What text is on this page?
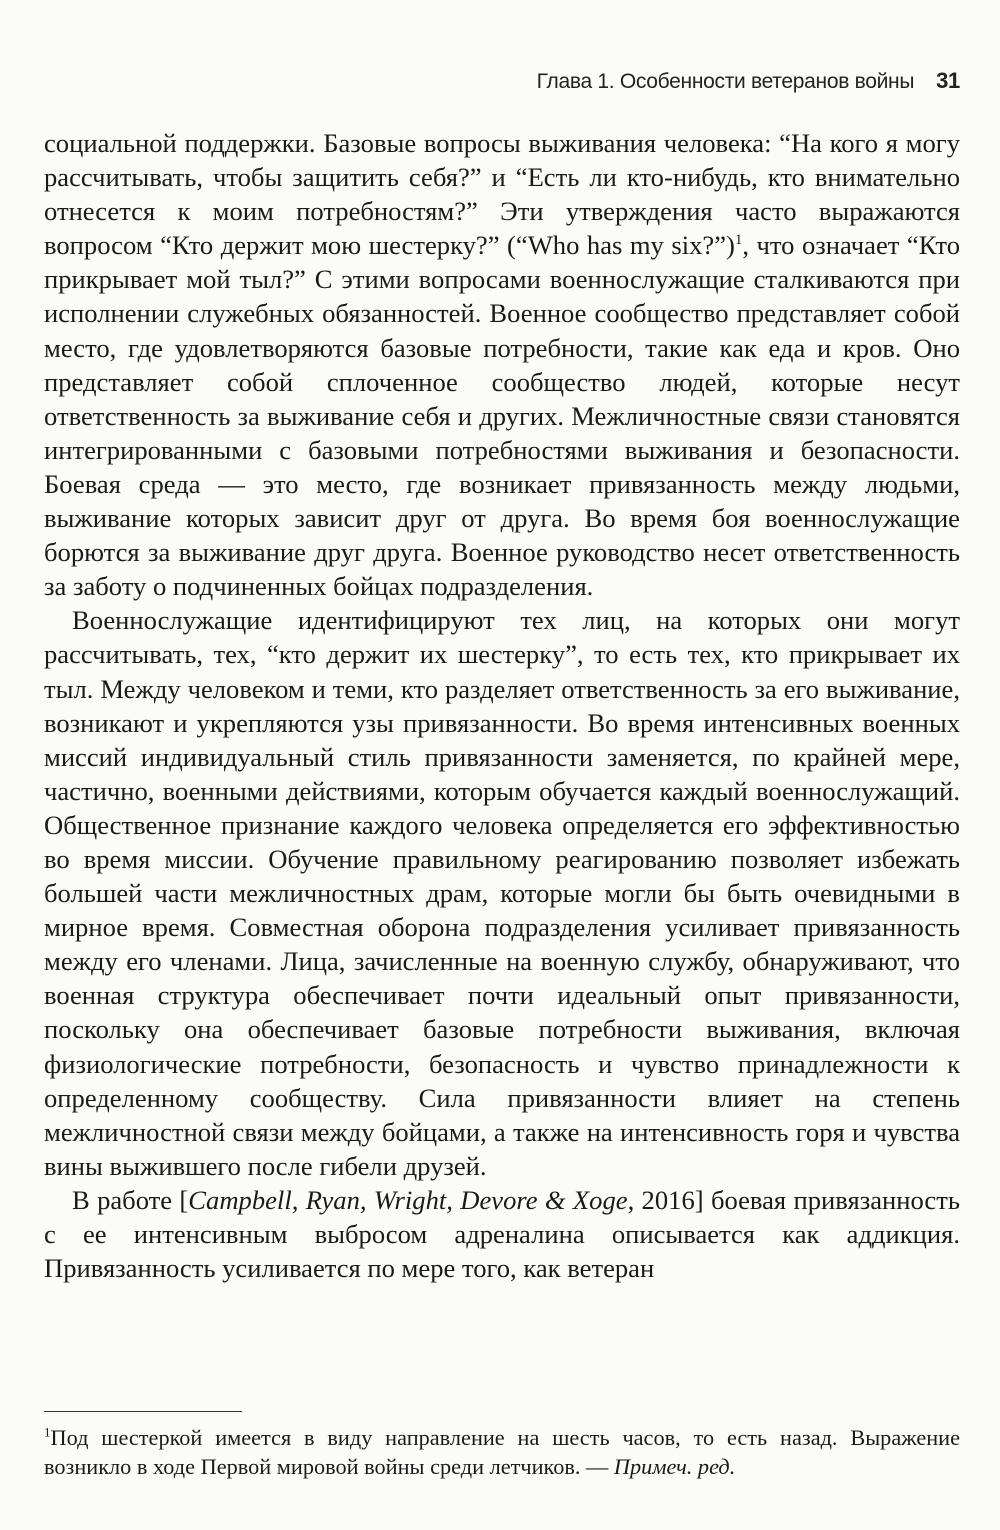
Глава 1. Особенности ветеранов войны 31

социальной поддержки. Базовые вопросы выживания человека: “На кого я могу рассчитывать, чтобы защитить себя?” и “Есть ли кто-нибудь, кто внимательно отнесется к моим потребностям?” Эти утверждения часто выражаются вопросом “Кто держит мою шестерку?” (“Who has my six?”)$^1$, что означает “Кто прикрывает мой тыл?” С этими вопросами военнослужащие сталкиваются при исполнении служебных обязанностей. Военное сообщество представляет собой место, где удовлетворяются базовые потребности, такие как еда и кров. Оно представляет собой сплоченное сообщество людей, которые несут ответственность за выживание себя и других. Межличностные связи становятся интегрированными с базовыми потребностями выживания и безопасности. Боевая среда — это место, где возникает привязанность между людьми, выживание которых зависит друг от друга. Во время боя военнослужащие борются за выживание друг друга. Военное руководство несет ответственность за заботу о подчиненных бойцах подразделения.

Военнослужащие идентифицируют тех лиц, на которых они могут рассчитывать, тех, “кто держит их шестерку”, то есть тех, кто прикрывает их тыл. Между человеком и теми, кто разделяет ответственность за его выживание, возникают и укрепляются узы привязанности. Во время интенсивных военных миссий индивидуальный стиль привязанности заменяется, по крайней мере, частично, военными действиями, которым обучается каждый военнослужащий. Общественное признание каждого человека определяется его эффективностью во время миссии. Обучение правильному реагированию позволяет избежать большей части межличностных драм, которые могли бы быть очевидными в мирное время. Совместная оборона подразделения усиливает привязанность между его членами. Лица, зачисленные на военную службу, обнаруживают, что военная структура обеспечивает почти идеальный опыт привязанности, поскольку она обеспечивает базовые потребности выживания, включая физиологические потребности, безопасность и чувство принадлежности к определенному сообществу. Сила привязанности влияет на степень межличностной связи между бойцами, а также на интенсивность горя и чувства вины выжившего после гибели друзей.

В работе [Campbell, Ryan, Wright, Devore & Xoge, 2016] боевая привязанность с ее интенсивным выбросом адреналина описывается как аддикция. Привязанность усиливается по мере того, как ветеран

$^1$Под шестеркой имеется в виду направление на шесть часов, то есть назад. Выражение возникло в ходе Первой мировой войны среди летчиков. — Примеч. ред.
